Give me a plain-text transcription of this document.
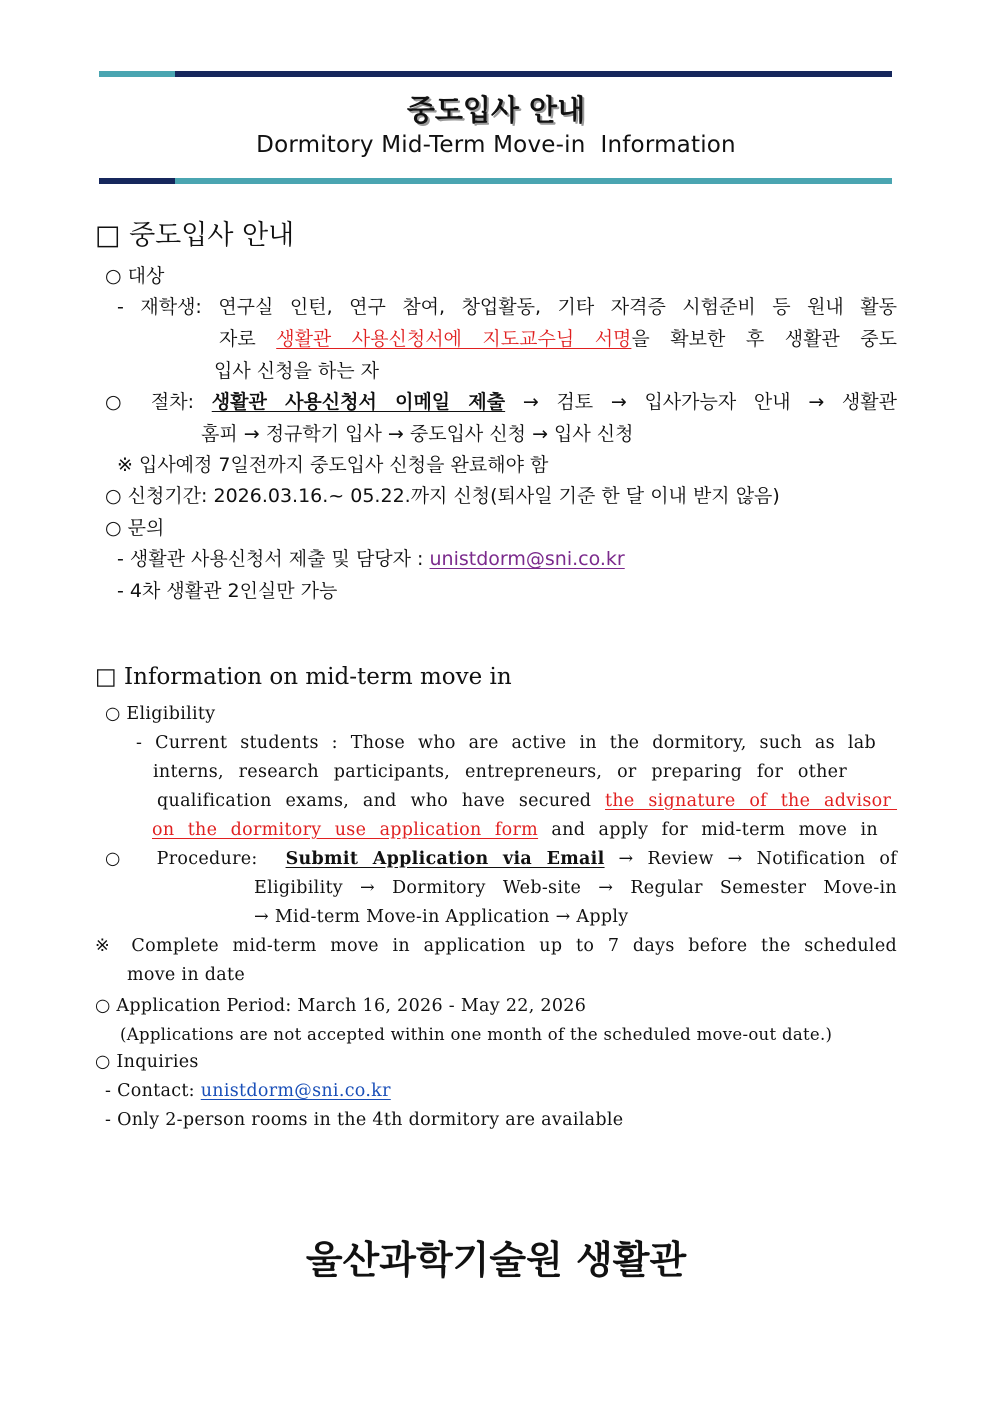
중도입사 안내
Dormitory Mid-Term Move-in  Information
□ 중도입사 안내
○ 대상
- 재학생: 연구실 인턴, 연구 참여, 창업활동, 기타 자격증 시험준비 등 원내 활동
자로 생활관 사용신청서에 지도교수님 서명을 확보한 후 생활관 중도
입사 신청을 하는 자
○ 절차: 생활관 사용신청서 이메일 제출 → 검토 → 입사가능자 안내 → 생활관
홈피 → 정규학기 입사 → 중도입사 신청 → 입사 신청
※ 입사예정 7일전까지 중도입사 신청을 완료해야 함
○ 신청기간: 2026.03.16.~ 05.22.까지 신청(퇴사일 기준 한 달 이내 받지 않음)
○ 문의
- 생활관 사용신청서 제출 및 담당자 : unistdorm@sni.co.kr
- 4차 생활관 2인실만 가능
□ Information on mid-term move in
○ Eligibility
- Current students : Those who are active in the dormitory, such as lab
interns, research participants, entrepreneurs, or preparing for other
qualification exams, and who have secured the signature of the advisor
on the dormitory use application form and apply for mid-term move in
○  Procedure:  Submit Application via Email → Review → Notification of
Eligibility → Dormitory Web-site → Regular Semester Move-in
→ Mid-term Move-in Application → Apply
※ Complete mid-term move in application up to 7 days before the scheduled
move in date
○ Application Period: March 16, 2026 - May 22, 2026
(Applications are not accepted within one month of the scheduled move-out date.)
○ Inquiries
- Contact: unistdorm@sni.co.kr
- Only 2-person rooms in the 4th dormitory are available
울산과학기술원 생활관
